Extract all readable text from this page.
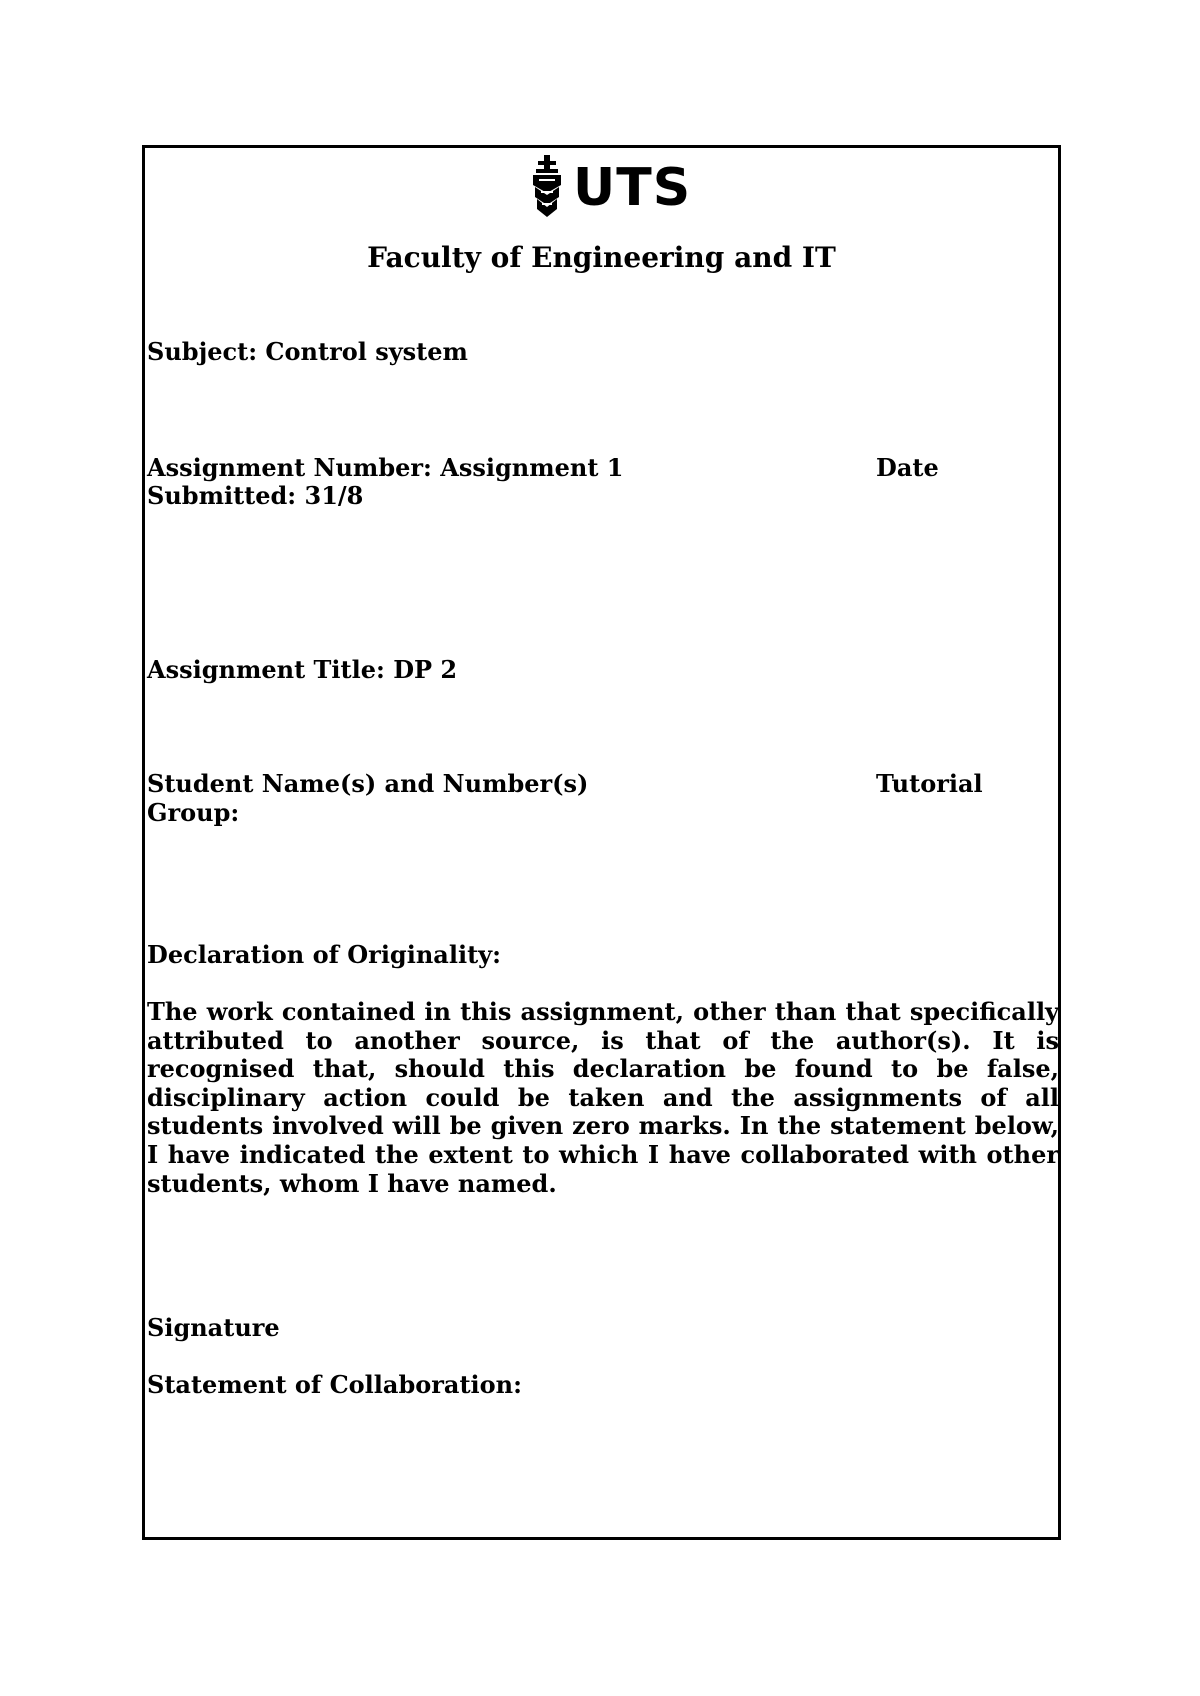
UTS
Faculty of Engineering and IT
Subject: Control system
Assignment Number: Assignment 1	Date
Submitted: 31/8
Assignment Title: DP 2
Student Name(s) and Number(s)	Tutorial
Group:
Declaration of Originality:
The work contained in this assignment, other than that specifically attributed to another source, is that of the author(s). It is recognised that, should this declaration be found to be false, disciplinary action could be taken and the assignments of all students involved will be given zero marks. In the statement below, I have indicated the extent to which I have collaborated with other students, whom I have named.
Signature
Statement of Collaboration:
